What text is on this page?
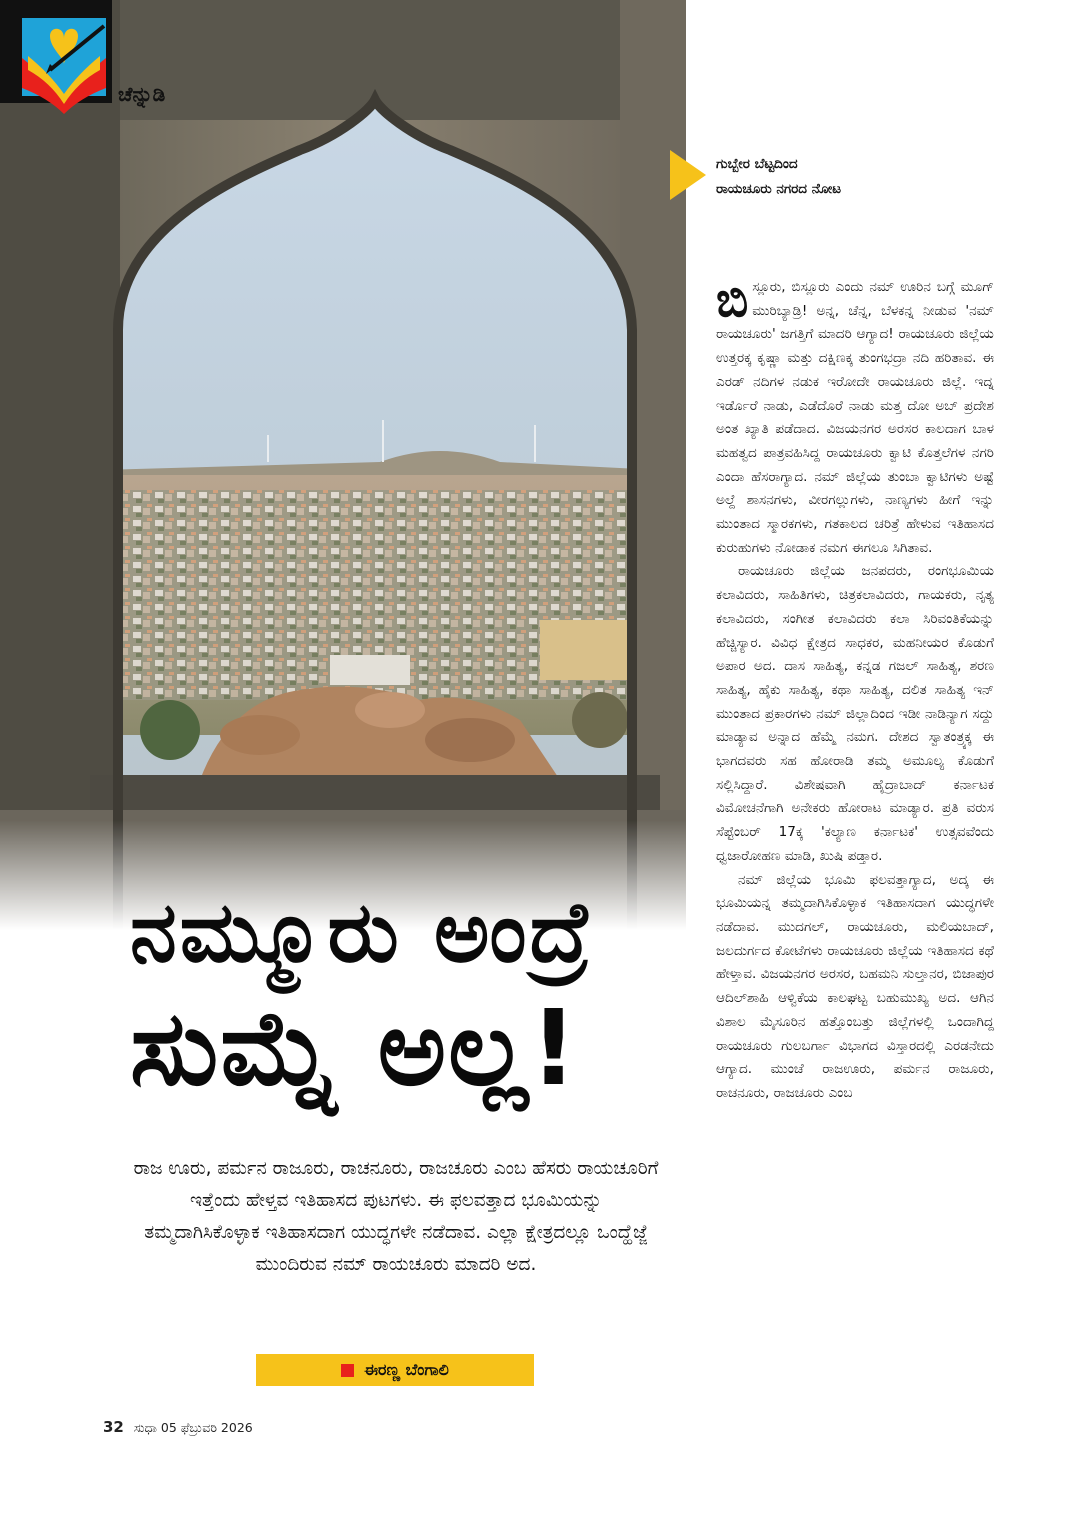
ಚೆನ್ನುಡಿ
ಗುಬ್ಬೇರ ಬೆಟ್ಟದಿಂದ
ರಾಯಚೂರು ನಗರದ ನೋಟ
ನಮ್ಮೂರು ಅಂದ್ರೆ
ಸುಮ್ನೆ ಅಲ್ಲ!
ರಾಜ ಊರು, ಪರ್ಮನ ರಾಜೂರು, ರಾಚನೂರು, ರಾಜಚೂರು ಎಂಬ ಹೆಸರು ರಾಯಚೂರಿಗೆ ಇತ್ತೆಂದು ಹೇಳ್ತವ ಇತಿಹಾಸದ ಪುಟಗಳು. ಈ ಫಲವತ್ತಾದ ಭೂಮಿಯನ್ನು ತಮ್ಮದಾಗಿಸಿಕೊಳ್ಳಾಕ ಇತಿಹಾಸದಾಗ ಯುದ್ಧಗಳೇ ನಡೆದಾವ. ಎಲ್ಲಾ ಕ್ಷೇತ್ರದಲ್ಲೂ ಒಂದ್ಹೆಜ್ಜೆ ಮುಂದಿರುವ ನಮ್ ರಾಯಚೂರು ಮಾದರಿ ಅದ.
ಈರಣ್ಣ ಬೆಂಗಾಲಿ
32 ಸುಧಾ 05 ಫೆಬ್ರುವರಿ 2026

ಬಿಸ್ಲೂರು, ಬಿಸ್ಲೂರು ಎಂದು ನಮ್ ಊರಿನ ಬಗ್ಗೆ ಮೂಗ್ ಮುರಿಬ್ಯಾಡ್ರಿ! ಅನ್ನ, ಚೆನ್ನ, ಬೆಳಕನ್ನ ನೀಡುವ 'ನಮ್ ರಾಯಚೂರು' ಜಗತ್ತಿಗೆ ಮಾದರಿ ಆಗ್ಯಾದ! ರಾಯಚೂರು ಜಿಲ್ಲೆಯ ಉತ್ತರಕ್ಕ ಕೃಷ್ಣಾ ಮತ್ತು ದಕ್ಷಿಣಕ್ಕ ತುಂಗಭದ್ರಾ ನದಿ ಹರಿತಾವ. ಈ ಎರಡ್ ನದಿಗಳ ನಡುಕ ಇರೋದೇ ರಾಯಚೂರು ಜಿಲ್ಲೆ. ಇದ್ನ ಇರ್ಡೊರೆ ನಾಡು, ಎಡೆದೊರೆ ನಾಡು ಮತ್ತ ದೋ ಅಬ್ ಪ್ರದೇಶ ಅಂತ ಖ್ಯಾತಿ ಪಡೆದಾದ. ವಿಜಯನಗರ ಅರಸರ ಕಾಲದಾಗ ಬಾಳ ಮಹತ್ವದ ಪಾತ್ರವಹಿಸಿದ್ದ ರಾಯಚೂರು ಕ್ವಾಟಿ ಕೊತ್ತಲೆಗಳ ನಗರಿ ಎಂದಾ ಹೆಸರಾಗ್ಯಾದ. ನಮ್ ಜಿಲ್ಲೆಯ ತುಂಬಾ ಕ್ವಾಟಿಗಳು ಅಷ್ಟೆ ಅಲ್ದೆ ಶಾಸನಗಳು, ವೀರಗಲ್ಲುಗಳು, ನಾಣ್ಯಗಳು ಹೀಗೆ ಇನ್ನು ಮುಂತಾದ ಸ್ಮಾರಕಗಳು, ಗತಕಾಲದ ಚರಿತ್ರೆ ಹೇಳುವ ಇತಿಹಾಸದ ಕುರುಹುಗಳು ನೋಡಾಕ ನಮಗ ಈಗಲೂ ಸಿಗಿತಾವ.

ರಾಯಚೂರು ಜಿಲ್ಲೆಯ ಜನಪದರು, ರಂಗಭೂಮಿಯ ಕಲಾವಿದರು, ಸಾಹಿತಿಗಳು, ಚಿತ್ರಕಲಾವಿದರು, ಗಾಯಕರು, ನೃತ್ಯ ಕಲಾವಿದರು, ಸಂಗೀತ ಕಲಾವಿದರು ಕಲಾ ಸಿರಿವಂತಿಕೆಯನ್ನು ಹೆಚ್ಚಿಸ್ಯಾರ. ವಿವಿಧ ಕ್ಷೇತ್ರದ ಸಾಧಕರ, ಮಹನೀಯರ ಕೊಡುಗೆ ಅಪಾರ ಅದ. ದಾಸ ಸಾಹಿತ್ಯ, ಕನ್ನಡ ಗಜಲ್ ಸಾಹಿತ್ಯ, ಶರಣ ಸಾಹಿತ್ಯ, ಹೈಕು ಸಾಹಿತ್ಯ, ಕಥಾ ಸಾಹಿತ್ಯ, ದಲಿತ ಸಾಹಿತ್ಯ ಇನ್ ಮುಂತಾದ ಪ್ರಕಾರಗಳು ನಮ್ ಜಿಲ್ಲಾದಿಂದ ಇಡೀ ನಾಡಿನ್ಯಾಗ ಸದ್ದು ಮಾಡ್ಯಾವ ಅನ್ನಾದ ಹೆಮ್ಮೆ ನಮಗ. ದೇಶದ ಸ್ವಾತಂತ್ರ್ಯಕ್ಕ ಈ ಭಾಗದವರು ಸಹ ಹೋರಾಡಿ ತಮ್ಮ ಅಮೂಲ್ಯ ಕೊಡುಗೆ ಸಲ್ಲಿಸಿದ್ದಾರೆ. ವಿಶೇಷವಾಗಿ ಹೈದ್ರಾಬಾದ್ ಕರ್ನಾಟಕ ವಿಮೋಚನೆಗಾಗಿ ಅನೇಕರು ಹೋರಾಟ ಮಾಡ್ಯಾರ. ಪ್ರತಿ ವರುಸ ಸೆಪ್ಟೆಂಬರ್ 17ಕ್ಕ 'ಕಲ್ಯಾಣ ಕರ್ನಾಟಕ' ಉತ್ಸವವೆಂದು ಧ್ವಜಾರೋಹಣ ಮಾಡಿ, ಖುಷಿ ಪಡ್ತಾರ.

ನಮ್ ಜಿಲ್ಲೆಯ ಭೂಮಿ ಫಲವತ್ತಾಗ್ಯಾದ, ಅದ್ಕ ಈ ಭೂಮಿಯನ್ನ ತಮ್ಮದಾಗಿಸಿಕೊಳ್ಳಾಕ ಇತಿಹಾಸದಾಗ ಯುದ್ಧಗಳೇ ನಡೆದಾವ. ಮುದಗಲ್, ರಾಯಚೂರು, ಮಲಿಯಬಾದ್, ಜಲದುರ್ಗದ ಕೋಟೆಗಳು ರಾಯಚೂರು ಜಿಲ್ಲೆಯ ಇತಿಹಾಸದ ಕಥೆ ಹೇಳ್ತಾವ. ವಿಜಯನಗರ ಅರಸರ, ಬಹಮನಿ ಸುಲ್ತಾನರ, ಬಿಜಾಪುರ ಆದಿಲ್‌ಶಾಹಿ ಆಳ್ವಿಕೆಯ ಕಾಲಘಟ್ಟ ಬಹುಮುಖ್ಯ ಅದ. ಆಗಿನ ವಿಶಾಲ ಮೈಸೂರಿನ ಹತ್ತೊಂಬತ್ತು ಜಿಲ್ಲೆಗಳಲ್ಲಿ ಒಂದಾಗಿದ್ದ ರಾಯಚೂರು ಗುಲಬರ್ಗಾ ವಿಭಾಗದ ವಿಸ್ತಾರದಲ್ಲಿ ಎರಡನೇದು ಆಗ್ಯಾದ. ಮುಂಚೆ ರಾಜಊರು, ಪರ್ಮನ ರಾಜೂರು, ರಾಚನೂರು, ರಾಜಚೂರು ಎಂಬ
